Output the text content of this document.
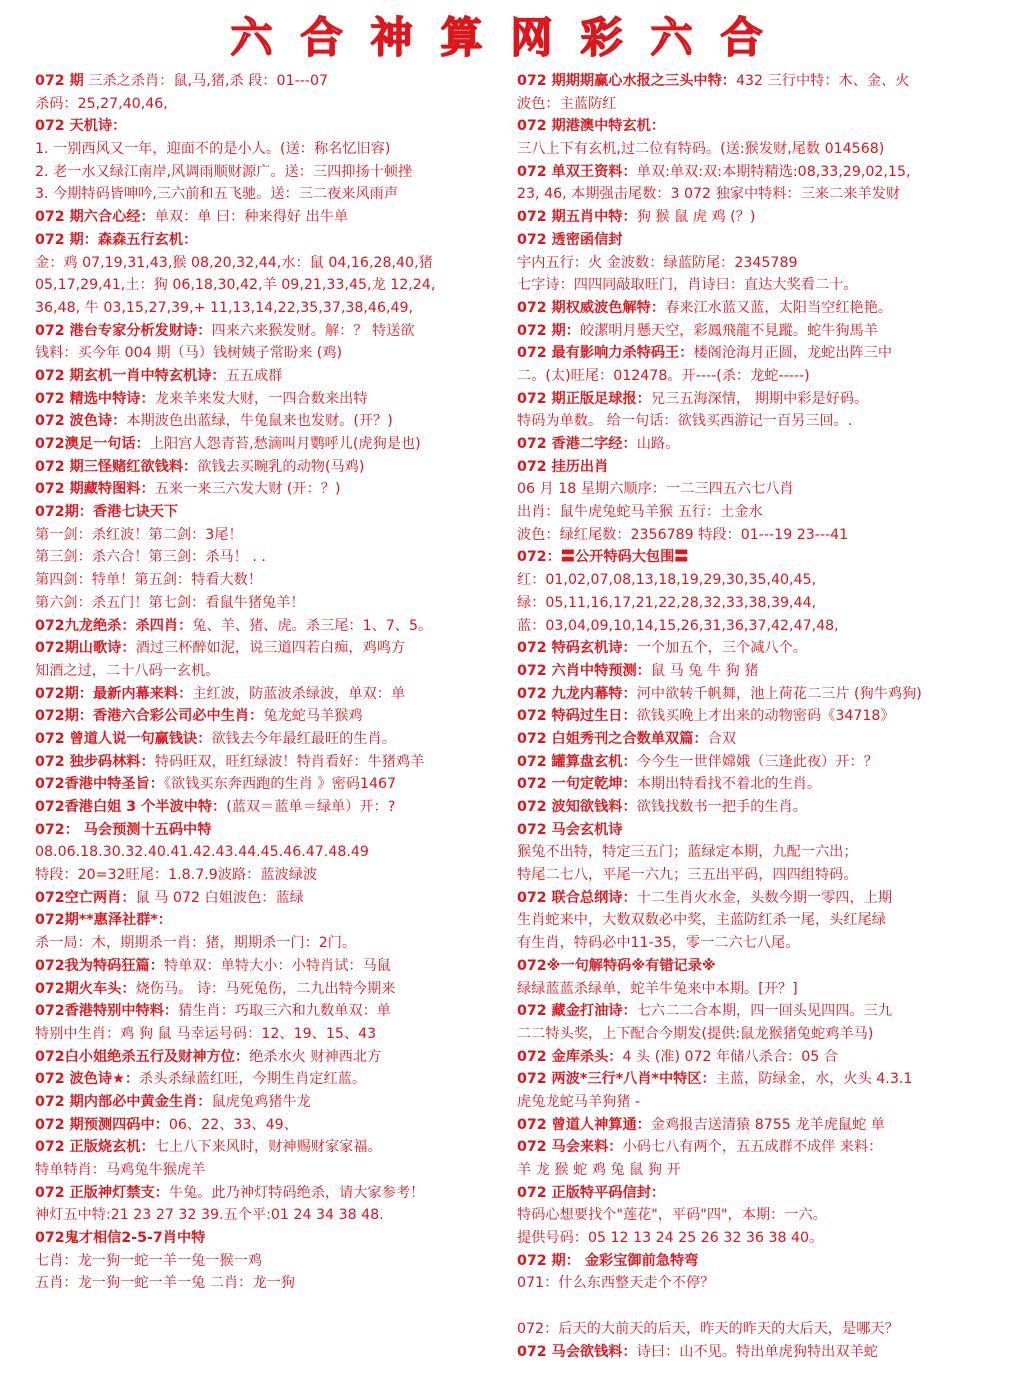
六合神算网彩六合
072 期 三杀之杀肖：鼠,马,猪,杀 段：01---07
杀码：25,27,40,46,
072 天机诗：
1. 一别西风又一年，迎面不的是小人。(送：称名忆旧容)
2. 老一水又绿江南岸,风调雨顺财源广。送：三四抑扬十顿挫
3. 今期特码皆呻吟,三六前和五飞驰。送：三二夜来风雨声
072 期六合心经：单双：单 曰：种来得好 出牛单
072 期：森森五行玄机：
金：鸡 07,19,31,43,猴 08,20,32,44,水：鼠 04,16,28,40,猪
05,17,29,41,土：狗 06,18,30,42,羊 09,21,33,45,龙 12,24,
36,48, 牛 03,15,27,39,+ 11,13,14,22,35,37,38,46,49,
072 港台专家分析发财诗：四来六来猴发财。解：？ 特送欲
钱料：买今年 004 期（马）钱树姨子常盼来 (鸡)
072 期玄机一肖中特玄机诗：五五成群
072 精选中特诗：龙来羊来发大财，一四合数来出特
072 波色诗：本期波色出蓝绿，牛兔鼠来也发财。(开？)
072澳足一句话：上阳宫人怨青苔,愁滴叫月鹦呼儿(虎狗是也)
072 期三怪赌红欲钱料：欲钱去买畹乳的动物(马鸡)
072 期藏特图料：五来一来三六发大财 (开：？)
072期：香港七诀天下
第一剑：杀红波！第二剑：3尾！
第三剑：杀六合！第三剑：杀马！ . .
第四剑：特单！第五剑：特看大数！
第六剑：杀五门！第七剑：看鼠牛猪兔羊！
072九龙绝杀：杀四肖：兔、羊、猪、虎。杀三尾：1、7、5。
072期山歌诗：酒过三杯醉如泥，说三道四若白痴，鸡鸣方
知酒之过，二十八码一玄机。
072期：最新内幕来料：主红波，防蓝波杀绿波，单双：单
072期：香港六合彩公司必中生肖：兔龙蛇马羊猴鸡
072 曾道人说一句赢钱诀：欲钱去今年最红最旺的生肖。
072 独步码林料：特码旺双，旺红绿波！特肖看好：牛猪鸡羊
072香港中特圣旨：《欲钱买东奔西跑的生肖 》密码1467
072香港白姐 3 个半波中特：(蓝双＝蓝单＝绿单）开：?
072： 马会预测十五码中特
08.06.18.30.32.40.41.42.43.44.45.46.47.48.49
特段：20=32旺尾：1.8.7.9波路：蓝波绿波
072空亡两肖：鼠 马 072 白姐波色：蓝绿
072期**惠泽社群*：
杀一局：木，期期杀一肖：猪，期期杀一门：2门。
072我为特码狂篇：特单双：单特大小：小特肖试：马鼠
072期火车头：烧伤马。 诗：马死兔伤，二九出特今期来
072香港特别中特料：猜生肖：巧取三六和九数单双：单
特别中生肖：鸡 狗 鼠 马幸运号码：12、19、15、43
072白小姐绝杀五行及财神方位：绝杀水火 财神西北方
072 波色诗★：杀头杀绿蓝红旺，今期生肖定红蓝。
072 期内部必中黄金生肖：鼠虎兔鸡猪牛龙
072 期预测四码中：06、22、33、49、
072 正版烧玄机：七上八下来风时，财神赐财家家福。
特单特肖：马鸡兔牛猴虎羊
072 正版神灯禁支：牛兔。此乃神灯特码绝杀，请大家参考！
神灯五中特:21 23 27 32 39.五个平:01 24 34 38 48.
072鬼才相信2-5-7肖中特
七肖：龙一狗一蛇一羊一兔一猴一鸡
五肖：龙一狗一蛇一羊一兔 二肖：龙一狗
072 期期期赢心水报之三头中特：432 三行中特：木、金、火
波色：主蓝防红
072 期港澳中特玄机：
三八上下有玄机,过二位有特码。(送:猴发财,尾数 014568)
072 单双王资料：单双:单双:双:本期特精选:08,33,29,02,15,
23, 46, 本期强击尾数：3 072 独家中特料：三来二来羊发财
072 期五肖中特：狗 猴 鼠 虎 鸡 (？)
072 透密函信封
宇内五行：火 金波数：绿蓝防尾：2345789
七字诗：四四同敲取旺门，肖诗曰：直达大奖看二十。
072 期权威波色解特：春来江水蓝又蓝，太阳当空红艳艳。
072 期：皎潔明月懸天空，彩鳳飛龍不見蹤。蛇牛狗馬羊
072 最有影响力杀特码王：楼阁沧海月正圆，龙蛇出阵三中
二。(太)旺尾：012478。开----(杀：龙蛇-----)
072 期正版足球报：兄三五海深情， 期期中彩是好码。
特码为单数。 给一句话：欲钱买西游记一百另三回。.
072 香港二字经：山路。
072 挂历出肖
06 月 18 星期六顺序：一二三四五六七八肖
出肖：鼠牛虎兔蛇马羊猴 五行：土金水
波色：绿红尾数：2356789 特段：01---19 23---41
072：〓公开特码大包围〓
红：01,02,07,08,13,18,19,29,30,35,40,45,
绿：05,11,16,17,21,22,28,32,33,38,39,44,
蓝：03,04,09,10,14,15,26,31,36,37,42,47,48,
072 特码玄机诗：一个加五个，三个减八个。
072 六肖中特预测：鼠 马 兔 牛 狗 猪
072 九龙内幕特：河中欲转千帆舞，池上荷花二三片 (狗牛鸡狗)
072 特码过生日：欲钱买晚上才出来的动物密码《34718》
072 白姐秀刊之合数单双篇：合双
072 罐算盘玄机：今今生一世伴嫦娥（三逢此夜）开：？
072 一句定乾坤：本期出特看找不着北的生肖。
072 波知欲钱料：欲钱找数书一把手的生肖。
072 马会玄机诗
猴兔不出特，特定三五门；蓝绿定本期，九配一六出；
特尾二七八，平尾一六九；三五出平码，四四组特码。
072 联合总纲诗：十二生肖火水金，头数今期一零四，上期
生肖蛇来中，大数双数必中奖，主蓝防红杀一尾，头红尾绿
有生肖，特码必中11-35，零一二六七八尾。
072※一句解特码※有错记录※
绿绿蓝蓝杀绿单，蛇羊牛兔来中本期。[开？]
072 藏金打油诗：七六二二合本期，四一回头见四四。三九
二二特头奖，上下配合今期发(提供:鼠龙猴猪兔蛇鸡羊马)
072 金库杀头：4 头 (准) 072 年储八杀合：05 合
072 两波*三行*八肖*中特区：主蓝，防绿金，水，火头 4.3.1
虎兔龙蛇马羊狗猪 -
072 曾道人神算通：金鸡报吉送清猿 8755 龙羊虎鼠蛇 单
072 马会来料：小码七八有两个，五五成群不成伴 来料：
羊 龙 猴 蛇 鸡 兔 鼠 狗 开
072 正版特平码信封：
特码心想要找个"莲花"，平码"四"，本期：一六。
提供号码：05 12 13 24 25 26 32 36 38 40。
072 期： 金彩宝御前急特弯
071：什么东西整天走个不停？
072：后天的大前天的后天，昨天的昨天的大后天，是哪天？
072 马会欲钱料：诗曰：山不见。特出单虎狗特出双羊蛇
